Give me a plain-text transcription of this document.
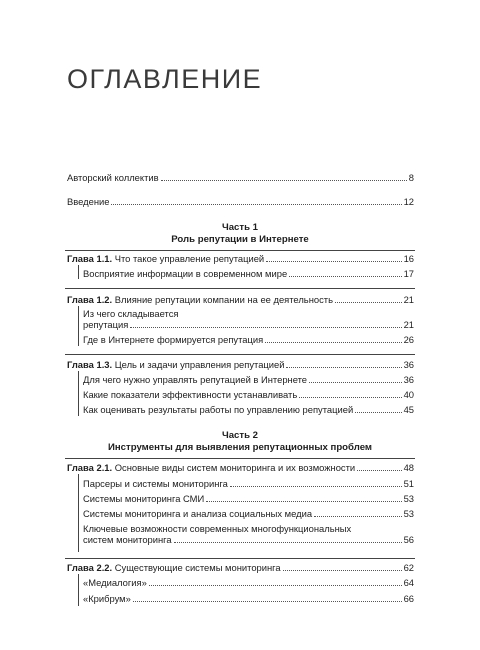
ОГЛАВЛЕНИЕ
Авторский коллектив	8
Введение	12
Часть 1
Роль репутации в Интернете
Глава 1.1. Что такое управление репутацией	16
Восприятие информации в современном мире	17
Глава 1.2. Влияние репутации компании на ее деятельность	21
Из чего складывается
репутация	21
Где в Интернете формируется репутация	26
Глава 1.3. Цель и задачи управления репутацией	36
Для чего нужно управлять репутацией в Интернете	36
Какие показатели эффективности устанавливать	40
Как оценивать результаты работы по управлению репутацией	45
Часть 2
Инструменты для выявления репутационных проблем
Глава 2.1. Основные виды систем мониторинга и их возможности	48
Парсеры и системы мониторинга	51
Системы мониторинга СМИ	53
Системы мониторинга и анализа социальных медиа	53
Ключевые возможности современных многофункциональных
систем мониторинга	56
Глава 2.2. Существующие системы мониторинга	62
«Медиалогия»	64
«Крибрум»	66
